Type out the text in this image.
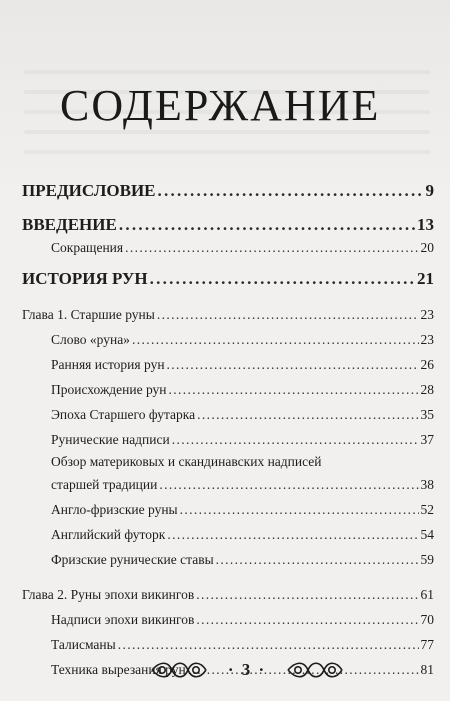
СОДЕРЖАНИЕ
ПРЕДИСЛОВИЕ . . .	9
ВВЕДЕНИЕ . . .	13
Сокращения . . .	20
ИСТОРИЯ РУН . . .	21
Глава 1. Старшие руны . . .	23
Слово «руна» . . .	23
Ранняя история рун . . .	26
Происхождение рун . . .	28
Эпоха Старшего футарка . . .	35
Рунические надписи . . .	37
Обзор материковых и скандинавских надписей
старшей традиции . . .	38
Англо-фризские руны . . .	52
Английский футорк . . .	54
Фризские рунические ставы . . .	59
Глава 2. Руны эпохи викингов . . .	61
Надписи эпохи викингов . . .	70
Талисманы . . .	77
Техника вырезания рун . . .	81
· 3 ·
